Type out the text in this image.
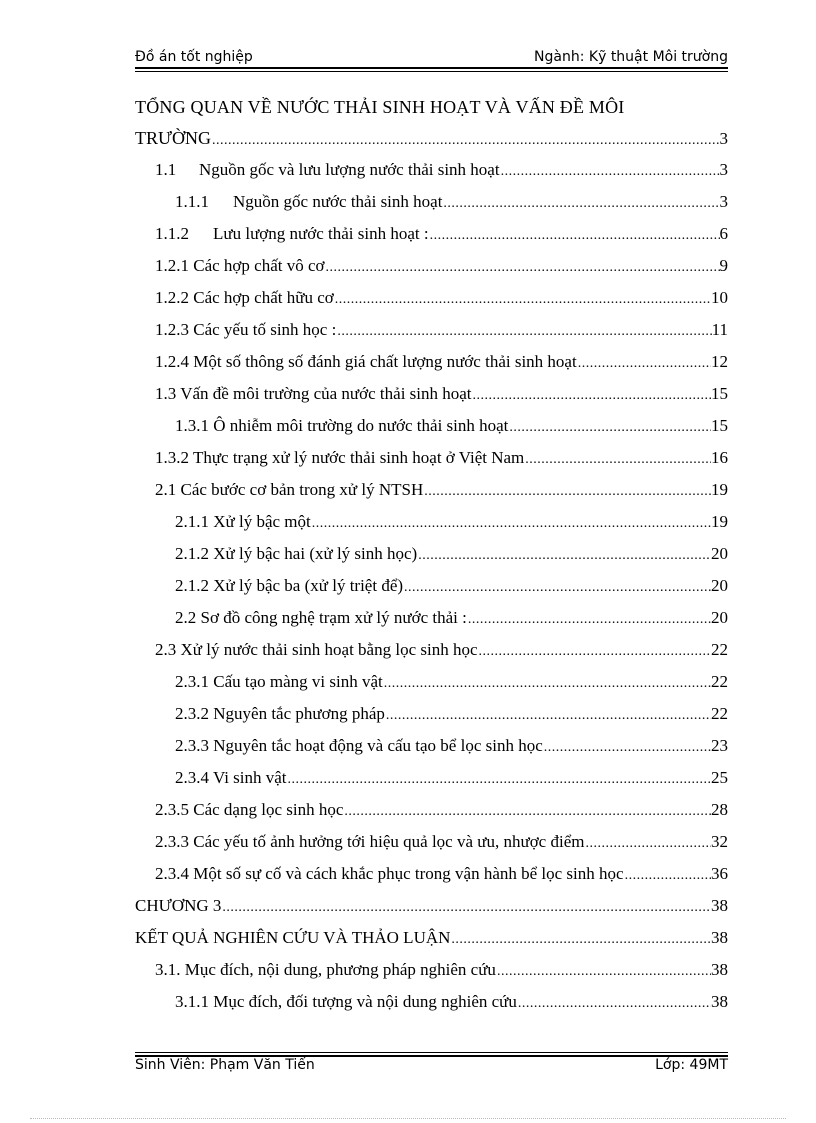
Đồ án tốt nghiệp	Ngành: Kỹ thuật Môi trường
TỔNG QUAN VỀ NƯỚC THẢI SINH HOẠT VÀ VẤN ĐỀ MÔI
TRƯỜNG .....	3
1.1 Nguồn gốc và lưu lượng nước thải sinh hoạt .....	3
1.1.1 Nguồn gốc nước thải sinh hoạt .....	3
1.1.2 Lưu lượng nước thải sinh hoạt : .....	6
1.2.1 Các hợp chất vô cơ .....	9
1.2.2 Các hợp chất hữu cơ .....	10
1.2.3 Các yếu tố sinh học : .....	11
1.2.4 Một số thông số đánh giá chất lượng nước thải sinh hoạt .....	12
1.3 Vấn đề môi trường của nước thải sinh hoạt .....	15
1.3.1 Ô nhiễm môi trường do nước thải sinh hoạt .....	15
1.3.2 Thực trạng xử lý nước thải sinh hoạt ở Việt Nam .....	16
2.1 Các bước cơ bản trong xử lý NTSH .....	19
2.1.1 Xử lý bậc một .....	19
2.1.2 Xử lý bậc hai (xử lý sinh học) .....	20
2.1.2 Xử lý bậc ba (xử lý triệt để) .....	20
2.2 Sơ đồ công nghệ trạm xử lý nước thải : .....	20
2.3 Xử lý nước thải sinh hoạt bằng lọc sinh học .....	22
2.3.1 Cấu tạo màng vi sinh vật .....	22
2.3.2 Nguyên tắc phương pháp .....	22
2.3.3 Nguyên tắc hoạt động và cấu tạo bể lọc sinh học .....	23
2.3.4 Vi sinh vật .....	25
2.3.5 Các dạng lọc sinh học .....	28
2.3.3 Các yếu tố ảnh hưởng tới hiệu quả lọc và ưu, nhược điểm .....	32
2.3.4 Một số sự cố và cách khắc phục trong vận hành bể lọc sinh học .....	36
CHƯƠNG 3 .....	38
KẾT QUẢ NGHIÊN CỨU VÀ THẢO LUẬN .....	38
3.1. Mục đích, nội dung, phương pháp nghiên cứu .....	38
3.1.1 Mục đích, đối tượng và nội dung nghiên cứu .....	38
Sinh Viên: Phạm Văn Tiến	Lớp: 49MT
